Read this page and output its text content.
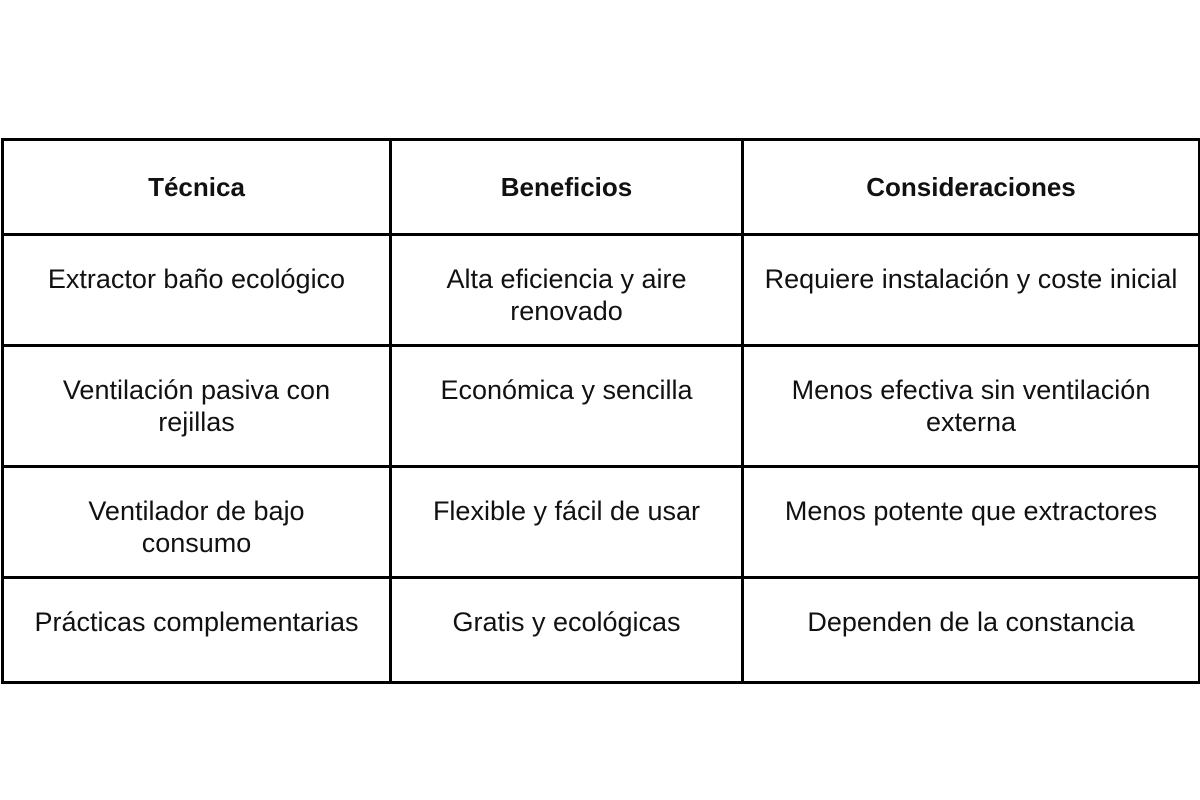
Técnica	Beneficios	Consideraciones
Extractor baño ecológico	Alta eficiencia y aire renovado	Requiere instalación y coste inicial
Ventilación pasiva con rejillas	Económica y sencilla	Menos efectiva sin ventilación externa
Ventilador de bajo consumo	Flexible y fácil de usar	Menos potente que extractores
Prácticas complementarias	Gratis y ecológicas	Dependen de la constancia
